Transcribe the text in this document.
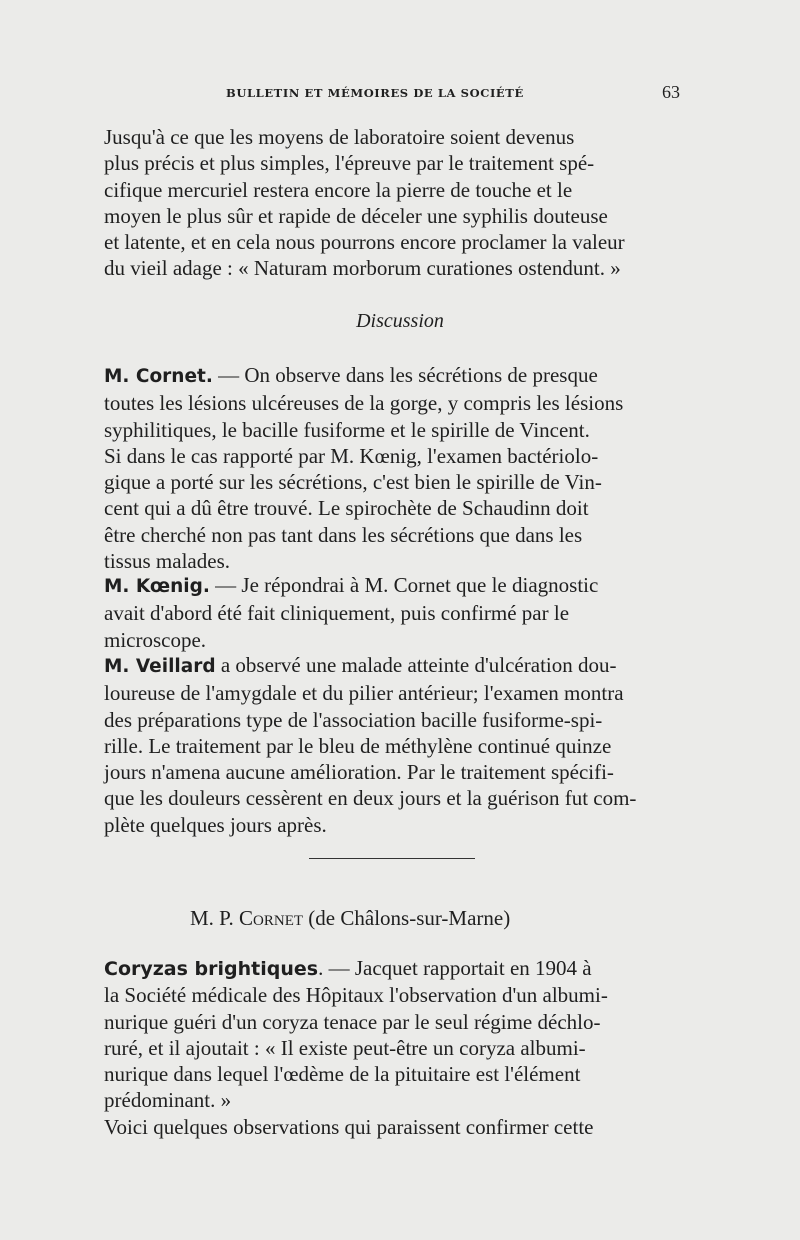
BULLETIN ET MÉMOIRES DE LA SOCIÉTÉ	63
Jusqu'à ce que les moyens de laboratoire soient devenus
plus précis et plus simples, l'épreuve par le traitement spé-
cifique mercuriel restera encore la pierre de touche et le
moyen le plus sûr et rapide de déceler une syphilis douteuse
et latente, et en cela nous pourrons encore proclamer la valeur
du vieil adage : « Naturam morborum curationes ostendunt. »
Discussion
M. Cornet. — On observe dans les sécrétions de presque
toutes les lésions ulcéreuses de la gorge, y compris les lésions
syphilitiques, le bacille fusiforme et le spirille de Vincent.
Si dans le cas rapporté par M. Kœnig, l'examen bactériolo-
gique a porté sur les sécrétions, c'est bien le spirille de Vin-
cent qui a dû être trouvé. Le spirochète de Schaudinn doit
être cherché non pas tant dans les sécrétions que dans les
tissus malades.
M. Kœnig. — Je répondrai à M. Cornet que le diagnostic
avait d'abord été fait cliniquement, puis confirmé par le
microscope.
M. Veillard a observé une malade atteinte d'ulcération dou-
loureuse de l'amygdale et du pilier antérieur; l'examen montra
des préparations type de l'association bacille fusiforme-spi-
rille. Le traitement par le bleu de méthylène continué quinze
jours n'amena aucune amélioration. Par le traitement spécifi-
que les douleurs cessèrent en deux jours et la guérison fut com-
plète quelques jours après.
M. P. Cornet (de Châlons-sur-Marne)
Coryzas brightiques. — Jacquet rapportait en 1904 à
la Société médicale des Hôpitaux l'observation d'un albumi-
nurique guéri d'un coryza tenace par le seul régime déchlo-
ruré, et il ajoutait : « Il existe peut-être un coryza albumi-
nurique dans lequel l'œdème de la pituitaire est l'élément
prédominant. »
Voici quelques observations qui paraissent confirmer cette
